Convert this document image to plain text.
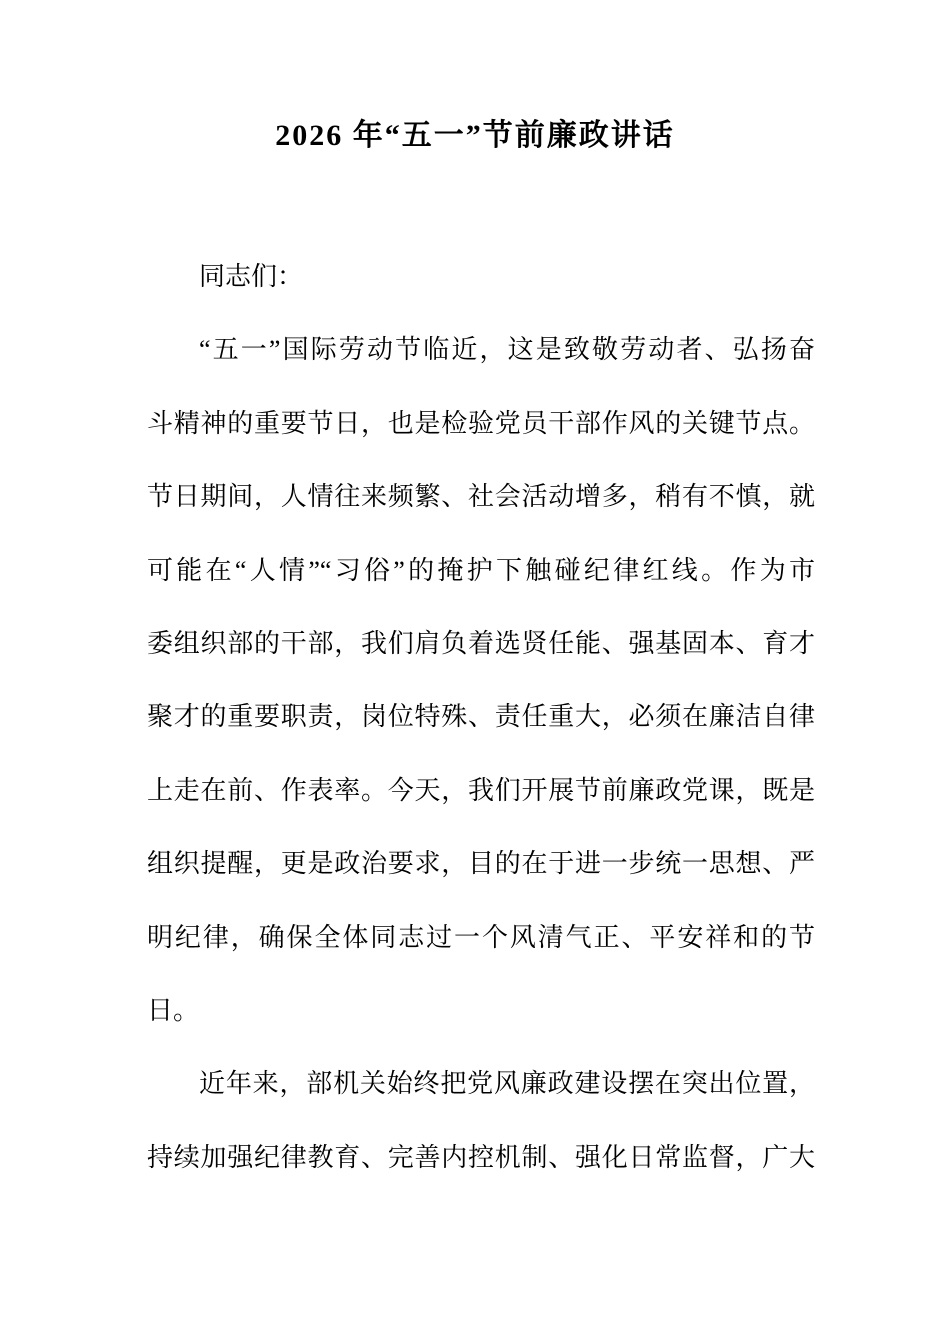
2026 年“五一”节前廉政讲话
同志们：
“五一”国际劳动节临近，这是致敬劳动者、弘扬奋
斗精神的重要节日，也是检验党员干部作风的关键节点。
节日期间，人情往来频繁、社会活动增多，稍有不慎，就
可能在“人情”“习俗”的掩护下触碰纪律红线。作为市
委组织部的干部，我们肩负着选贤任能、强基固本、育才
聚才的重要职责，岗位特殊、责任重大，必须在廉洁自律
上走在前、作表率。今天，我们开展节前廉政党课，既是
组织提醒，更是政治要求，目的在于进一步统一思想、严
明纪律，确保全体同志过一个风清气正、平安祥和的节
日。
近年来，部机关始终把党风廉政建设摆在突出位置，
持续加强纪律教育、完善内控机制、强化日常监督，广大
